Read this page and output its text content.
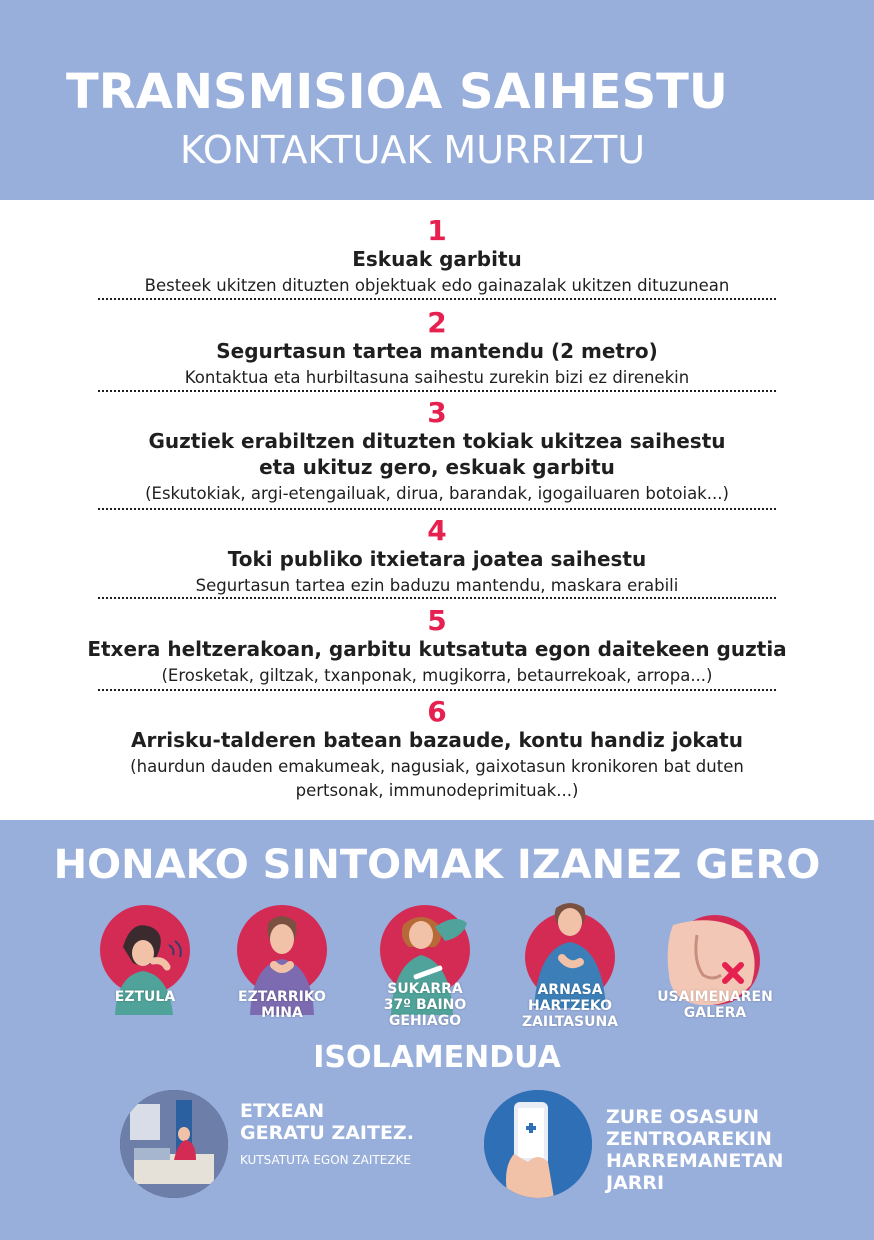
TRANSMISIOA SAIHESTU
KONTAKTUAK MURRIZTU
1
Eskuak garbitu
Besteek ukitzen dituzten objektuak edo gainazalak ukitzen dituzunean
2
Segurtasun tartea mantendu (2 metro)
Kontaktua eta hurbiltasuna saihestu zurekin bizi ez direnekin
3
Guztiek erabiltzen dituzten tokiak ukitzea saihestu
eta ukituz gero, eskuak garbitu
(Eskutokiak, argi-etengailuak, dirua, barandak, igogailuaren botoiak...)
4
Toki publiko itxietara joatea saihestu
Segurtasun tartea ezin baduzu mantendu, maskara erabili
5
Etxera heltzerakoan, garbitu kutsatuta egon daitekeen guztia
(Erosketak, giltzak, txanponak, mugikorra, betaurrekoak, arropa...)
6
Arrisku-talderen batean bazaude, kontu handiz jokatu
(haurdun dauden emakumeak, nagusiak, gaixotasun kronikoren bat duten
pertsonak, immunodeprimituak...)
HONAKO SINTOMAK IZANEZ GERO
EZTULA	EZTARRIKO
MINA
SUKARRA
37º BAINO
GEHIAGO
ARNASA
HARTZEKO
ZAILTASUNA
USAIMENAREN
GALERA
ISOLAMENDUA
ETXEAN
GERATU ZAITEZ.
KUTSATUTA EGON ZAITEZKE
ZURE OSASUN
ZENTROAREKIN
HARREMANETAN
JARRI
